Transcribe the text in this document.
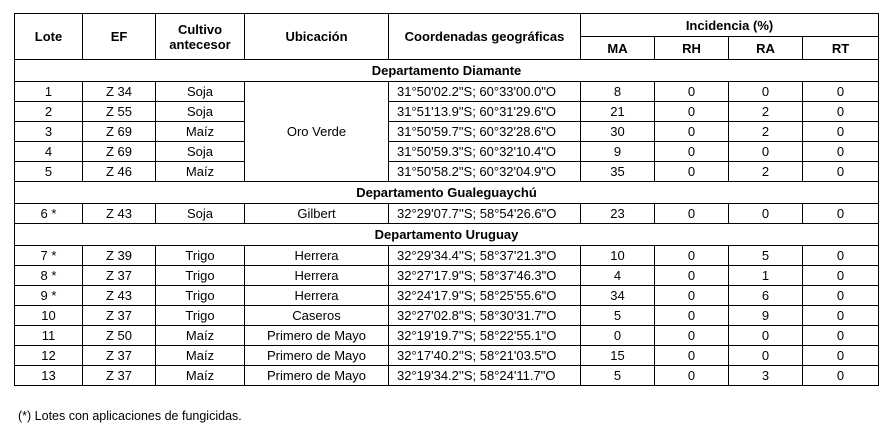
Lote	EF	Cultivo antecesor	Ubicación	Coordenadas geográficas	Incidencia (%)			
					MA	RH	RA	RT
Departamento Diamante								
1	Z 34	Soja	Oro Verde	31°50'02.2"S; 60°33'00.0"O	8	0	0	0
2	Z 55	Soja		31°51'13.9"S; 60°31'29.6"O	21	0	2	0
3	Z 69	Maíz		31°50'59.7"S; 60°32'28.6"O	30	0	2	0
4	Z 69	Soja		31°50'59.3"S; 60°32'10.4"O	9	0	0	0
5	Z 46	Maíz		31°50'58.2"S; 60°32'04.9"O	35	0	2	0
Departamento Gualeguaychú								
6 *	Z 43	Soja	Gilbert	32°29'07.7''S; 58°54'26.6"O	23	0	0	0
Departamento Uruguay								
7 *	Z 39	Trigo	Herrera	32°29'34.4''S; 58°37'21.3"O	10	0	5	0
8 *	Z 37	Trigo	Herrera	32°27'17.9''S; 58°37'46.3"O	4	0	1	0
9 *	Z 43	Trigo	Herrera	32°24'17.9''S; 58°25'55.6"O	34	0	6	0
10	Z 37	Trigo	Caseros	32°27'02.8''S; 58°30'31.7"O	5	0	9	0
11	Z 50	Maíz	Primero de Mayo	32°19'19.7''S; 58°22'55.1"O	0	0	0	0
12	Z 37	Maíz	Primero de Mayo	32°17'40.2''S; 58°21'03.5"O	15	0	0	0
13	Z 37	Maíz	Primero de Mayo	32°19'34.2''S; 58°24'11.7"O	5	0	3	0
(*) Lotes con aplicaciones de fungicidas.
